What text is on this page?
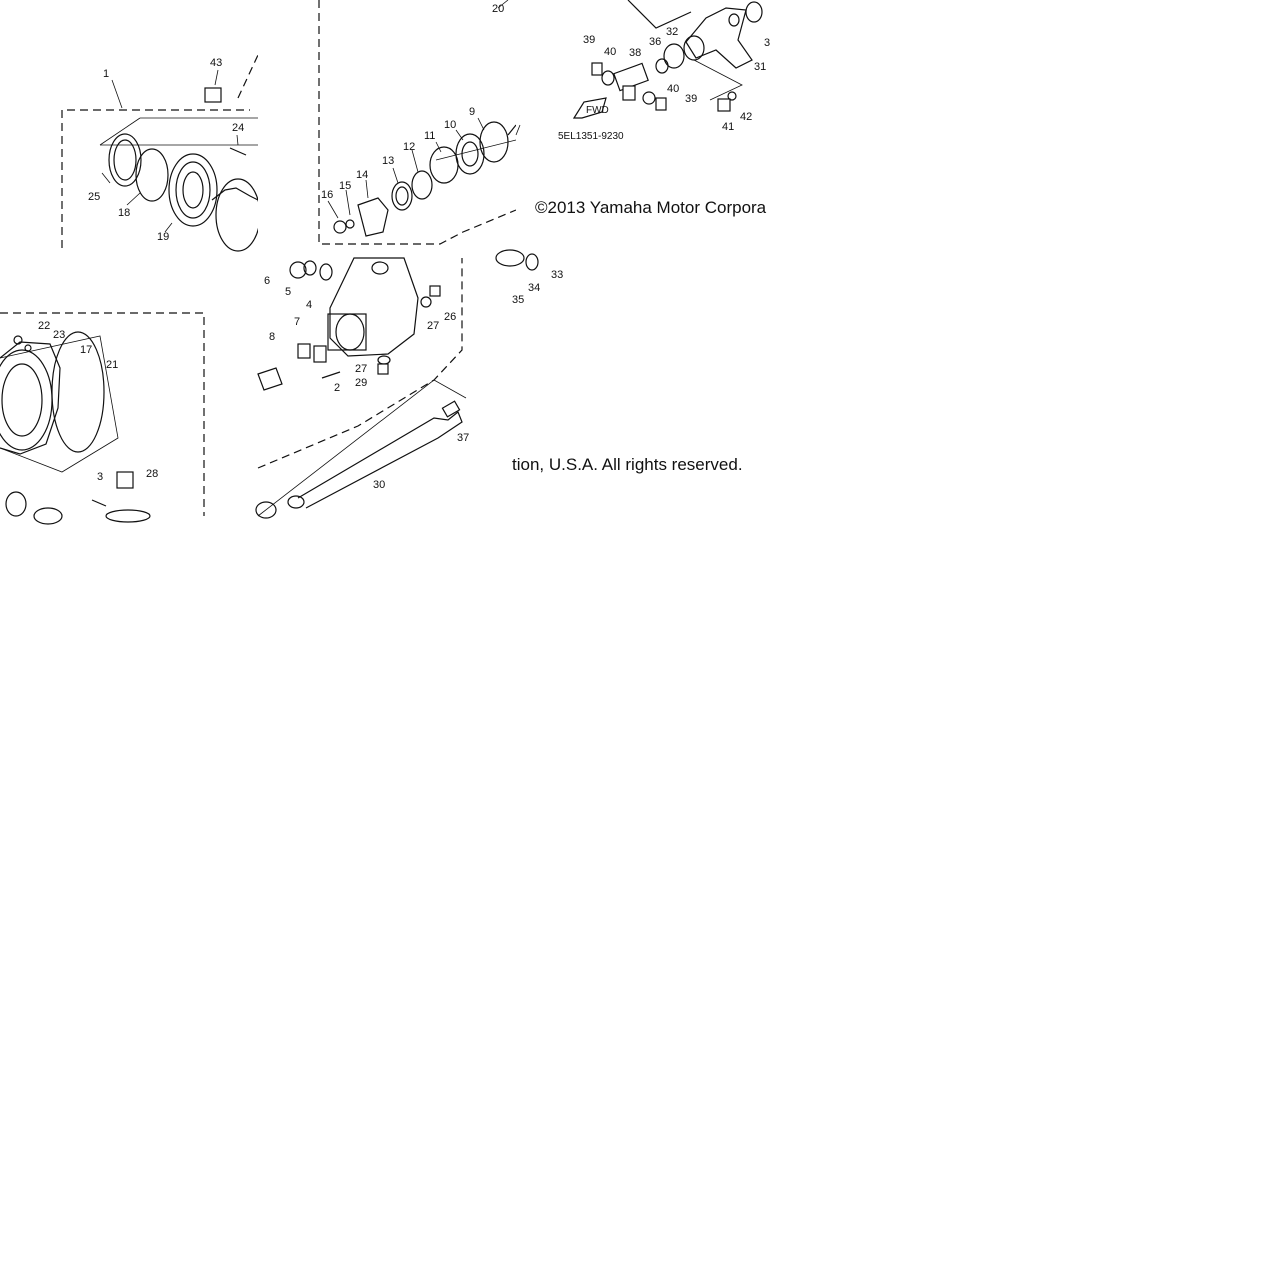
1
43
24
25
18
19
20
16
15
14
13
12
11
10
9	FWD
5EL1351-9230
39
40 38
36
32
31
3
40
39
41
42
©2013 Yamaha Motor Corpora
22
23
17
21
3	28
6
5
4
7
8
2
27
29
27
26
30
37
35
34
33
tion, U.S.A. All rights reserved.
